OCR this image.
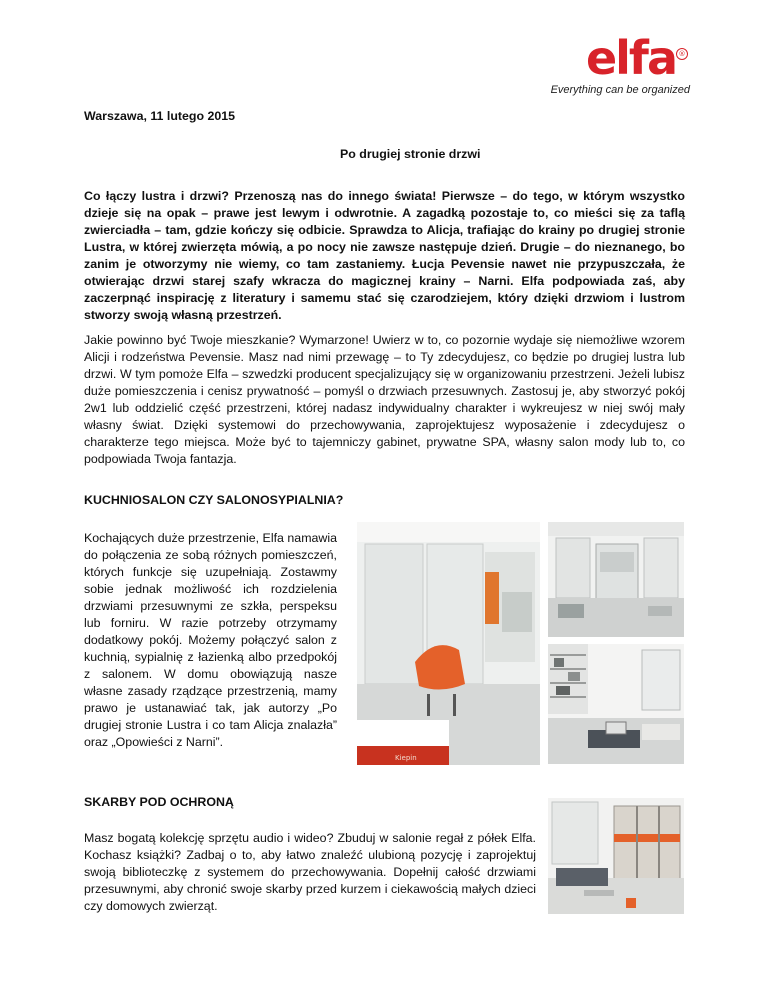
elfa ®
Everything can be organized
Warszawa, 11 lutego 2015
Po drugiej stronie drzwi
Co łączy lustra i drzwi? Przenoszą nas do innego świata! Pierwsze – do tego, w którym wszystko dzieje się na opak – prawe jest lewym i odwrotnie. A zagadką pozostaje to, co mieści się za taflą zwierciadła – tam, gdzie kończy się odbicie. Sprawdza to Alicja, trafiając do krainy po drugiej stronie Lustra, w której zwierzęta mówią, a po nocy nie zawsze następuje dzień. Drugie – do nieznanego, bo zanim je otworzymy nie wiemy, co tam zastaniemy. Łucja Pevensie nawet nie przypuszczała, że otwierając drzwi starej szafy wkracza do magicznej krainy – Narni. Elfa podpowiada zaś, aby zaczerpnąć inspirację z literatury i samemu stać się czarodziejem, który dzięki drzwiom i lustrom stworzy swoją własną przestrzeń.
Jakie powinno być Twoje mieszkanie? Wymarzone! Uwierz w to, co pozornie wydaje się niemożliwe wzorem Alicji i rodzeństwa Pevensie. Masz nad nimi przewagę – to Ty zdecydujesz, co będzie po drugiej lustra lub drzwi. W tym pomoże Elfa – szwedzki producent specjalizujący się w organizowaniu przestrzeni. Jeżeli lubisz duże pomieszczenia i cenisz prywatność – pomyśl o drzwiach przesuwnych. Zastosuj je, aby stworzyć pokój 2w1 lub oddzielić część przestrzeni, której nadasz indywidualny charakter i wykreujesz w niej swój mały własny świat. Dzięki systemowi do przechowywania, zaprojektujesz wyposażenie i zdecydujesz o charakterze tego miejsca. Może być to tajemniczy gabinet, prywatne SPA, własny salon mody lub to, co podpowiada Twoja fantazja.
KUCHNIOSALON CZY SALONOSYPIALNIA?
Kochających duże przestrzenie, Elfa namawia do połączenia ze sobą różnych pomieszczeń, których funkcje się uzupełniają. Zostawmy sobie jednak możliwość ich rozdzielenia drzwiami przesuwnymi ze szkła, perspeksu lub forniru. W razie potrzeby otrzymamy dodatkowy pokój. Możemy połączyć salon z kuchnią, sypialnię z łazienką albo przedpokój z salonem. W domu obowiązują nasze własne zasady rządzące przestrzenią, mamy prawo je ustanawiać tak, jak autorzy „Po drugiej stronie Lustra i co tam Alicja znalazła” oraz „Opowieści z Narni”.
Kiepin
SKARBY POD OCHRONĄ
Masz bogatą kolekcję sprzętu audio i wideo? Zbuduj w salonie regał z półek Elfa. Kochasz książki? Zadbaj o to, aby łatwo znaleźć ulubioną pozycję i zaprojektuj swoją biblioteczkę z systemem do przechowywania. Dopełnij całość drzwiami przesuwnymi, aby chronić swoje skarby przed kurzem i ciekawością małych dzieci czy domowych zwierząt.
